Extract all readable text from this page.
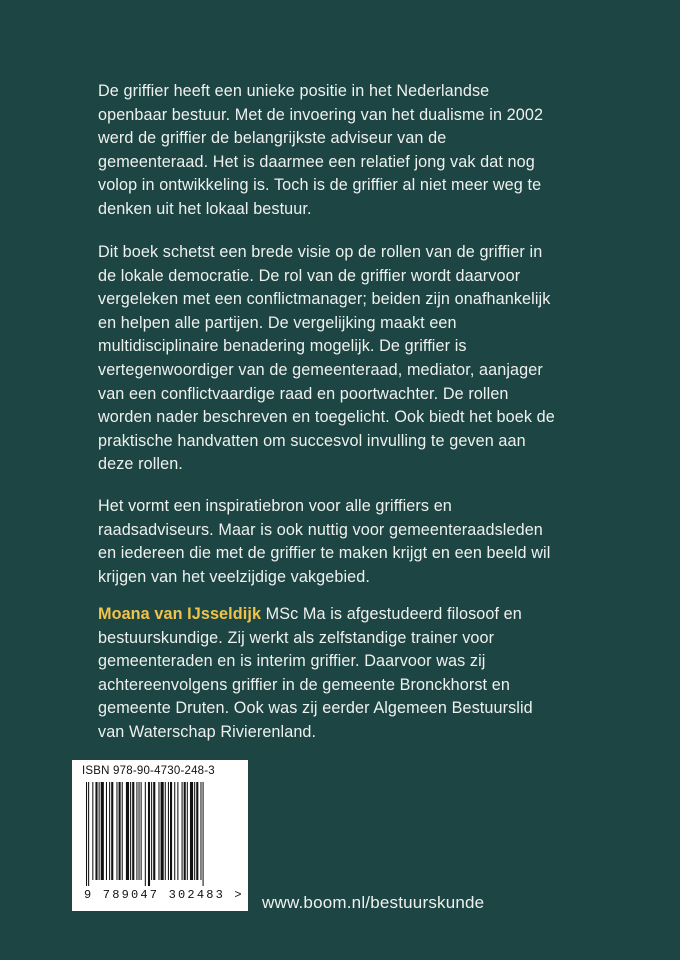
De griffier heeft een unieke positie in het Nederlandse openbaar bestuur. Met de invoering van het dualisme in 2002 werd de griffier de belangrijkste adviseur van de gemeenteraad. Het is daarmee een relatief jong vak dat nog volop in ontwikkeling is. Toch is de griffier al niet meer weg te denken uit het lokaal bestuur.

Dit boek schetst een brede visie op de rollen van de griffier in de lokale democratie. De rol van de griffier wordt daarvoor vergeleken met een conflictmanager; beiden zijn onafhankelijk en helpen alle partijen. De vergelijking maakt een multidisciplinaire benadering mogelijk. De griffier is vertegenwoordiger van de gemeenteraad, mediator, aanjager van een conflictvaardige raad en poortwachter. De rollen worden nader beschreven en toegelicht. Ook biedt het boek de praktische handvatten om succesvol invulling te geven aan deze rollen.

Het vormt een inspiratiebron voor alle griffiers en raadsadviseurs. Maar is ook nuttig voor gemeenteraadsleden en iedereen die met de griffier te maken krijgt en een beeld wil krijgen van het veelzijdige vakgebied.

Moana van IJsseldijk MSc Ma is afgestudeerd filosoof en bestuurskundige. Zij werkt als zelfstandige trainer voor gemeenteraden en is interim griffier. Daarvoor was zij achtereenvolgens griffier in de gemeente Bronckhorst en gemeente Druten. Ook was zij eerder Algemeen Bestuurslid van Waterschap Rivierenland.

ISBN 978-90-4730-248-3
9 789047 302483 > www.boom.nl/bestuurskunde
